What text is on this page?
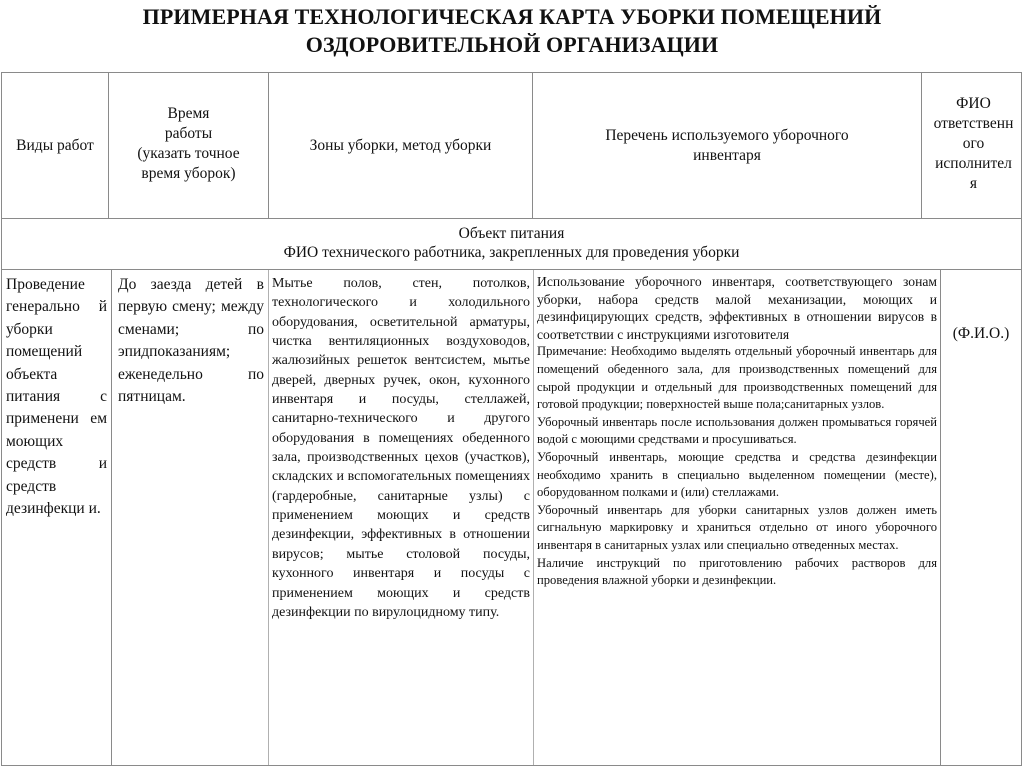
ПРИМЕРНАЯ ТЕХНОЛОГИЧЕСКАЯ КАРТА УБОРКИ ПОМЕЩЕНИЙ
ОЗДОРОВИТЕЛЬНОЙ ОРГАНИЗАЦИИ
Виды работ
Время
работы
(указать точное
время уборок)
Зоны уборки, метод уборки
Перечень используемого уборочного
инвентаря
ФИО
ответственн
ого
исполнител
я
Объект питания
ФИО технического работника, закрепленных для проведения уборки
Проведение генерально й уборки помещений объекта питания с применени ем моющих средств и средств дезинфекци и.
До заезда детей в первую смену; между сменами; по эпидпоказаниям; еженедельно по пятницам.
Мытье полов, стен, потолков, технологического и холодильного оборудования, осветительной арматуры, чистка вентиляционных воздуховодов, жалюзийных решеток вентсистем, мытье дверей, дверных ручек, окон, кухонного инвентаря и посуды, стеллажей, санитарно-технического и другого оборудования в помещениях обеденного зала, производственных цехов (участков), складских и вспомогательных помещениях (гардеробные, санитарные узлы) с применением моющих и средств дезинфекции, эффективных в отношении вирусов; мытье столовой посуды, кухонного инвентаря и посуды с применением моющих и средств дезинфекции по вирулоцидному типу.

Использование уборочного инвентаря, соответствующего зонам уборки, набора средств малой механизации, моющих и дезинфицирующих средств, эффективных в отношении вирусов в соответствии с инструкциями изготовителя

Примечание: Необходимо выделять отдельный уборочный инвентарь для помещений обеденного зала, для производственных помещений для сырой продукции и отдельный для производственных помещений для готовой продукции; поверхностей выше пола;санитарных узлов.

Уборочный инвентарь после использования должен промываться горячей водой с моющими средствами и просушиваться.

Уборочный инвентарь, моющие средства и средства дезинфекции необходимо хранить в специально выделенном помещении (месте), оборудованном полками и (или) стеллажами.

Уборочный инвентарь для уборки санитарных узлов должен иметь сигнальную маркировку и храниться отдельно от иного уборочного инвентаря в санитарных узлах или специально отведенных местах.

Наличие инструкций по приготовлению рабочих растворов для проведения влажной уборки и дезинфекции.

(Ф.И.О.)
